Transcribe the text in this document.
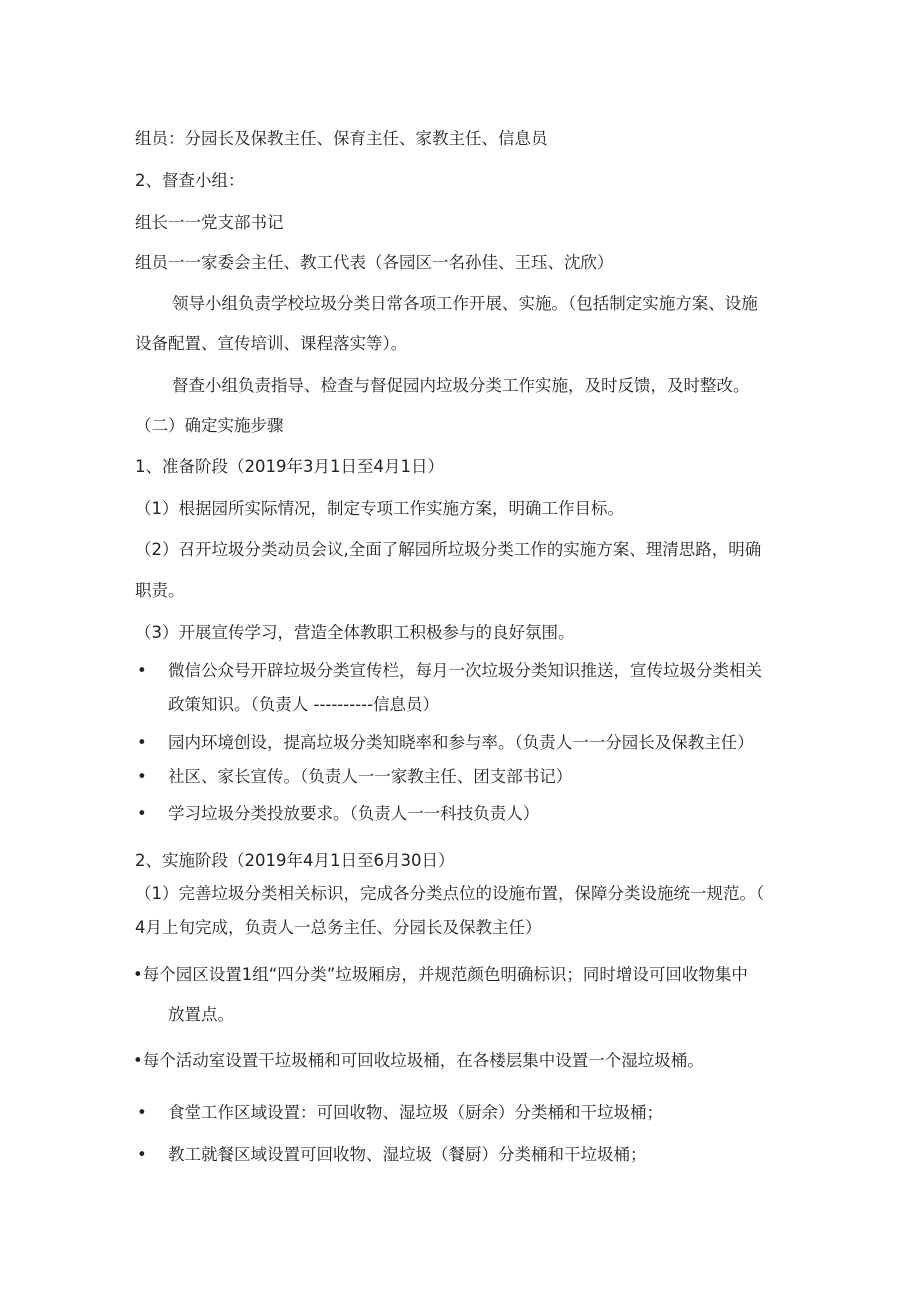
组员：分园长及保教主任、保育主任、家教主任、信息员

2、督查小组：

组长一一党支部书记

组员一一家委会主任、教工代表（各园区一名孙佳、王珏、沈欣）

领导小组负责学校垃圾分类日常各项工作开展、实施。（包括制定实施方案、设施

设备配置、宣传培训、课程落实等）。

督查小组负责指导、检查与督促园内垃圾分类工作实施，及时反馈，及时整改。

（二）确定实施步骤

1、准备阶段（2019年3月1日至4月1日）

（1）根据园所实际情况，制定专项工作实施方案，明确工作目标。

（2）召开垃圾分类动员会议,全面了解园所垃圾分类工作的实施方案、理清思路，明确

职责。

（3）开展宣传学习，营造全体教职工积极参与的良好氛围。

• 微信公众号开辟垃圾分类宣传栏，每月一次垃圾分类知识推送，宣传垃圾分类相关

政策知识。（负责人 ----------信息员）

• 园内环境创设，提高垃圾分类知晓率和参与率。（负责人一一分园长及保教主任）

• 社区、家长宣传。（负责人一一家教主任、团支部书记）

• 学习垃圾分类投放要求。（负责人一一科技负责人）

2、实施阶段（2019年4月1日至6月30日）

（1）完善垃圾分类相关标识，完成各分类点位的设施布置，保障分类设施统一规范。（

4月上旬完成，负责人一总务主任、分园长及保教主任）

•每个园区设置1组“四分类”垃圾厢房，并规范颜色明确标识；同时增设可回收物集中

放置点。

•每个活动室设置干垃圾桶和可回收垃圾桶，在各楼层集中设置一个湿垃圾桶。

• 食堂工作区域设置：可回收物、湿垃圾（厨余）分类桶和干垃圾桶；

• 教工就餐区域设置可回收物、湿垃圾（餐厨）分类桶和干垃圾桶；
